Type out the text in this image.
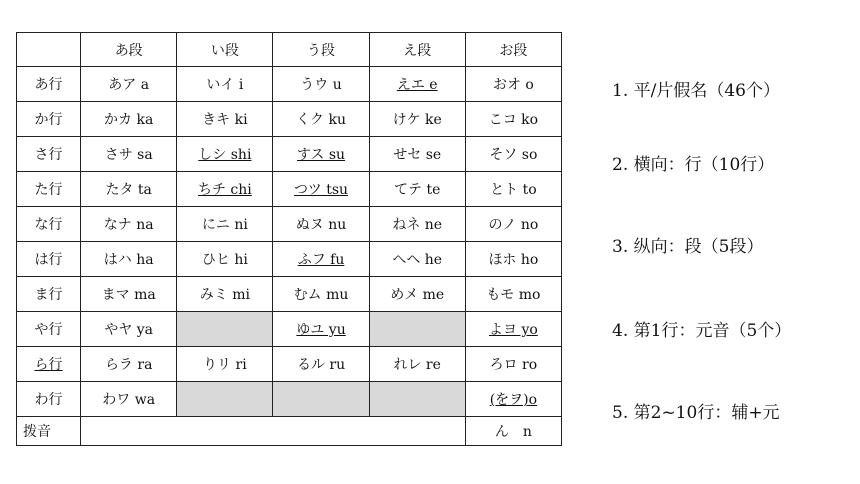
	あ段	い段	う段	え段	お段
あ行	あア a	いイ i	うウ u	えエ e	おオ o
か行	かカ ka	きキ ki	くク ku	けケ ke	こコ ko
さ行	さサ sa	しシ shi	すス su	せセ se	そソ so
た行	たタ ta	ちチ chi	つツ tsu	てテ te	とト to
な行	なナ na	にニ ni	ぬヌ nu	ねネ ne	のノ no
は行	はハ ha	ひヒ hi	ふフ fu	へヘ he	ほホ ho
ま行	まマ ma	みミ mi	むム mu	めメ me	もモ mo
や行	やヤ ya		ゆユ yu		よヨ yo
ら行	らラ ra	りリ ri	るル ru	れレ re	ろロ ro
わ行	わワ wa				(をヲ)o
拨音					ん　n
1. 平/片假名（46个）
2. 横向：行（10行）
3. 纵向：段（5段）
4. 第1行：元音（5个）
5. 第2~10行：辅+元
